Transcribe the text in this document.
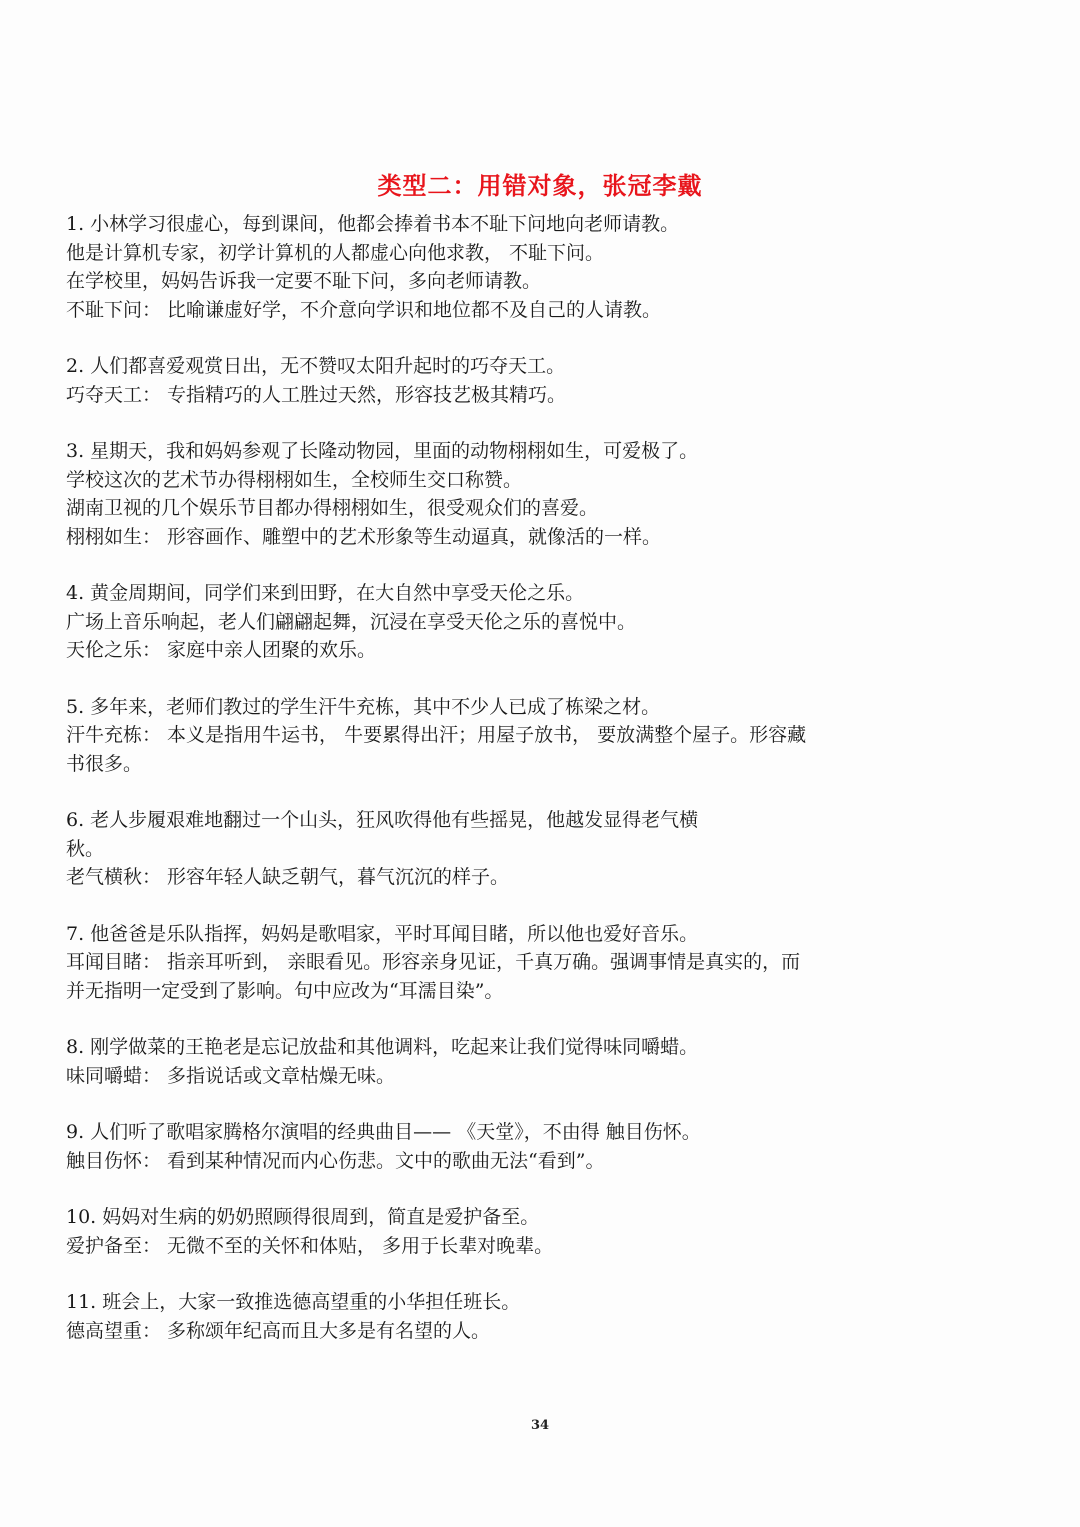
类型二：用错对象，张冠李戴
1. 小林学习很虚心，每到课间，他都会捧着书本不耻下问地向老师请教。
他是计算机专家，初学计算机的人都虚心向他求教， 不耻下问。
在学校里，妈妈告诉我一定要不耻下问，多向老师请教。
不耻下问： 比喻谦虚好学，不介意向学识和地位都不及自己的人请教。
2. 人们都喜爱观赏日出，无不赞叹太阳升起时的巧夺天工。
巧夺天工： 专指精巧的人工胜过天然，形容技艺极其精巧。
3. 星期天，我和妈妈参观了长隆动物园，里面的动物栩栩如生，可爱极了。
学校这次的艺术节办得栩栩如生，全校师生交口称赞。
湖南卫视的几个娱乐节目都办得栩栩如生，很受观众们的喜爱。
栩栩如生： 形容画作、雕塑中的艺术形象等生动逼真，就像活的一样。
4. 黄金周期间，同学们来到田野，在大自然中享受天伦之乐。
广场上音乐响起，老人们翩翩起舞，沉浸在享受天伦之乐的喜悦中。
天伦之乐： 家庭中亲人团聚的欢乐。
5. 多年来，老师们教过的学生汗牛充栋，其中不少人已成了栋梁之材。
汗牛充栋： 本义是指用牛运书， 牛要累得出汗；用屋子放书， 要放满整个屋子。形容藏
书很多。
6. 老人步履艰难地翻过一个山头，狂风吹得他有些摇晃，他越发显得老气横
秋。
老气横秋： 形容年轻人缺乏朝气，暮气沉沉的样子。
7. 他爸爸是乐队指挥，妈妈是歌唱家，平时耳闻目睹，所以他也爱好音乐。
耳闻目睹： 指亲耳听到， 亲眼看见。形容亲身见证，千真万确。强调事情是真实的，而
并无指明一定受到了影响。句中应改为“耳濡目染”。
8. 刚学做菜的王艳老是忘记放盐和其他调料，吃起来让我们觉得味同嚼蜡。
味同嚼蜡： 多指说话或文章枯燥无味。
9. 人们听了歌唱家腾格尔演唱的经典曲目—— 《天堂》，不由得 触目伤怀。
触目伤怀： 看到某种情况而内心伤悲。文中的歌曲无法“看到”。
10. 妈妈对生病的奶奶照顾得很周到，简直是爱护备至。
爱护备至： 无微不至的关怀和体贴， 多用于长辈对晚辈。
11. 班会上，大家一致推选德高望重的小华担任班长。
德高望重： 多称颂年纪高而且大多是有名望的人。
34
